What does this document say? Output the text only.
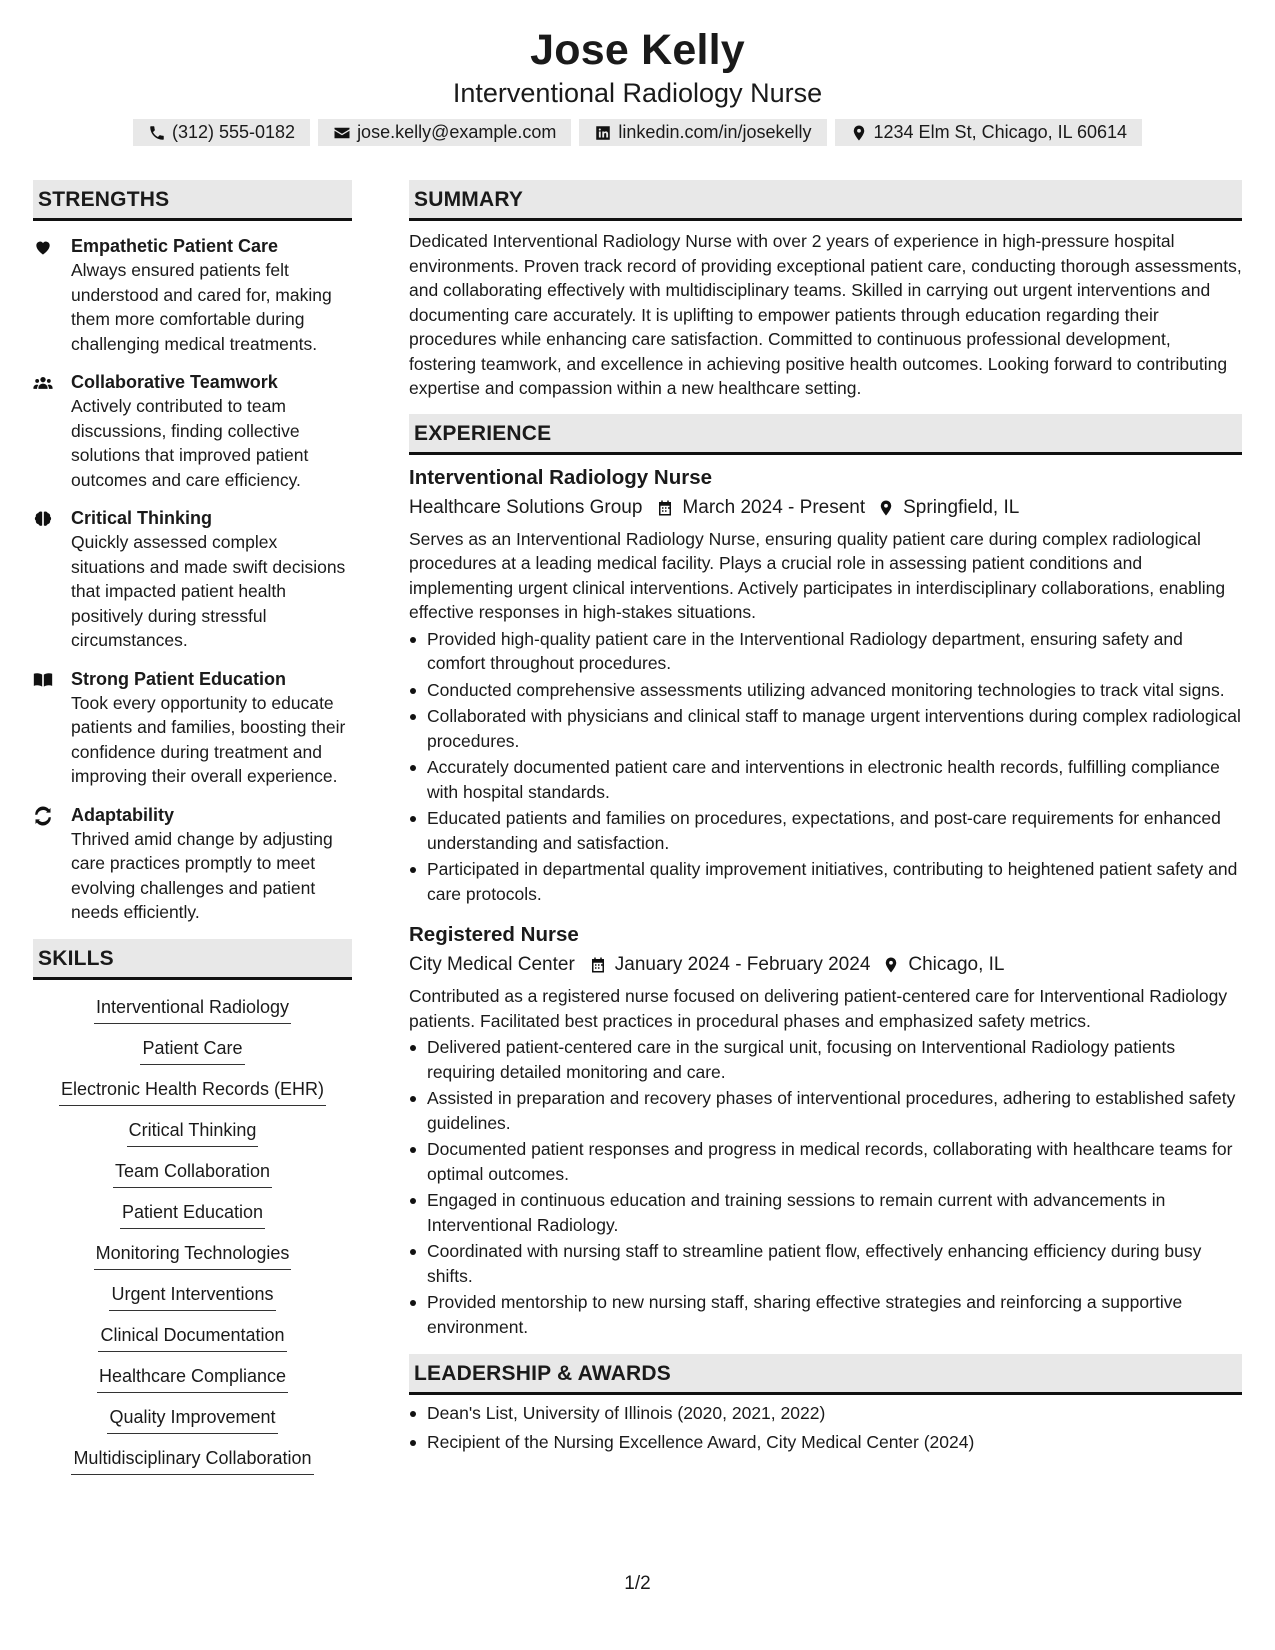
Jose Kelly
Interventional Radiology Nurse
(312) 555-0182	jose.kelly@example.com	linkedin.com/in/josekelly	1234 Elm St, Chicago, IL 60614
STRENGTHS
Empathetic Patient Care
Always ensured patients felt understood and cared for, making them more comfortable during challenging medical treatments.
Collaborative Teamwork
Actively contributed to team discussions, finding collective solutions that improved patient outcomes and care efficiency.
Critical Thinking
Quickly assessed complex situations and made swift decisions that impacted patient health positively during stressful circumstances.
Strong Patient Education
Took every opportunity to educate patients and families, boosting their confidence during treatment and improving their overall experience.
Adaptability
Thrived amid change by adjusting care practices promptly to meet evolving challenges and patient needs efficiently.
SKILLS
Interventional Radiology
Patient Care
Electronic Health Records (EHR)
Critical Thinking
Team Collaboration
Patient Education
Monitoring Technologies
Urgent Interventions
Clinical Documentation
Healthcare Compliance
Quality Improvement
Multidisciplinary Collaboration
SUMMARY
Dedicated Interventional Radiology Nurse with over 2 years of experience in high-pressure hospital environments. Proven track record of providing exceptional patient care, conducting thorough assessments, and collaborating effectively with multidisciplinary teams. Skilled in carrying out urgent interventions and documenting care accurately. It is uplifting to empower patients through education regarding their procedures while enhancing care satisfaction. Committed to continuous professional development, fostering teamwork, and excellence in achieving positive health outcomes. Looking forward to contributing expertise and compassion within a new healthcare setting.
EXPERIENCE
Interventional Radiology Nurse
Healthcare Solutions Group March 2024 - Present Springfield, IL
Serves as an Interventional Radiology Nurse, ensuring quality patient care during complex radiological procedures at a leading medical facility. Plays a crucial role in assessing patient conditions and implementing urgent clinical interventions. Actively participates in interdisciplinary collaborations, enabling effective responses in high-stakes situations.
Provided high-quality patient care in the Interventional Radiology department, ensuring safety and comfort throughout procedures.
Conducted comprehensive assessments utilizing advanced monitoring technologies to track vital signs.
Collaborated with physicians and clinical staff to manage urgent interventions during complex radiological procedures.
Accurately documented patient care and interventions in electronic health records, fulfilling compliance with hospital standards.
Educated patients and families on procedures, expectations, and post-care requirements for enhanced understanding and satisfaction.
Participated in departmental quality improvement initiatives, contributing to heightened patient safety and care protocols.
Registered Nurse
City Medical Center January 2024 - February 2024 Chicago, IL
Contributed as a registered nurse focused on delivering patient-centered care for Interventional Radiology patients. Facilitated best practices in procedural phases and emphasized safety metrics.
Delivered patient-centered care in the surgical unit, focusing on Interventional Radiology patients requiring detailed monitoring and care.
Assisted in preparation and recovery phases of interventional procedures, adhering to established safety guidelines.
Documented patient responses and progress in medical records, collaborating with healthcare teams for optimal outcomes.
Engaged in continuous education and training sessions to remain current with advancements in Interventional Radiology.
Coordinated with nursing staff to streamline patient flow, effectively enhancing efficiency during busy shifts.
Provided mentorship to new nursing staff, sharing effective strategies and reinforcing a supportive environment.
LEADERSHIP & AWARDS
Dean's List, University of Illinois (2020, 2021, 2022)
Recipient of the Nursing Excellence Award, City Medical Center (2024)
1/2
